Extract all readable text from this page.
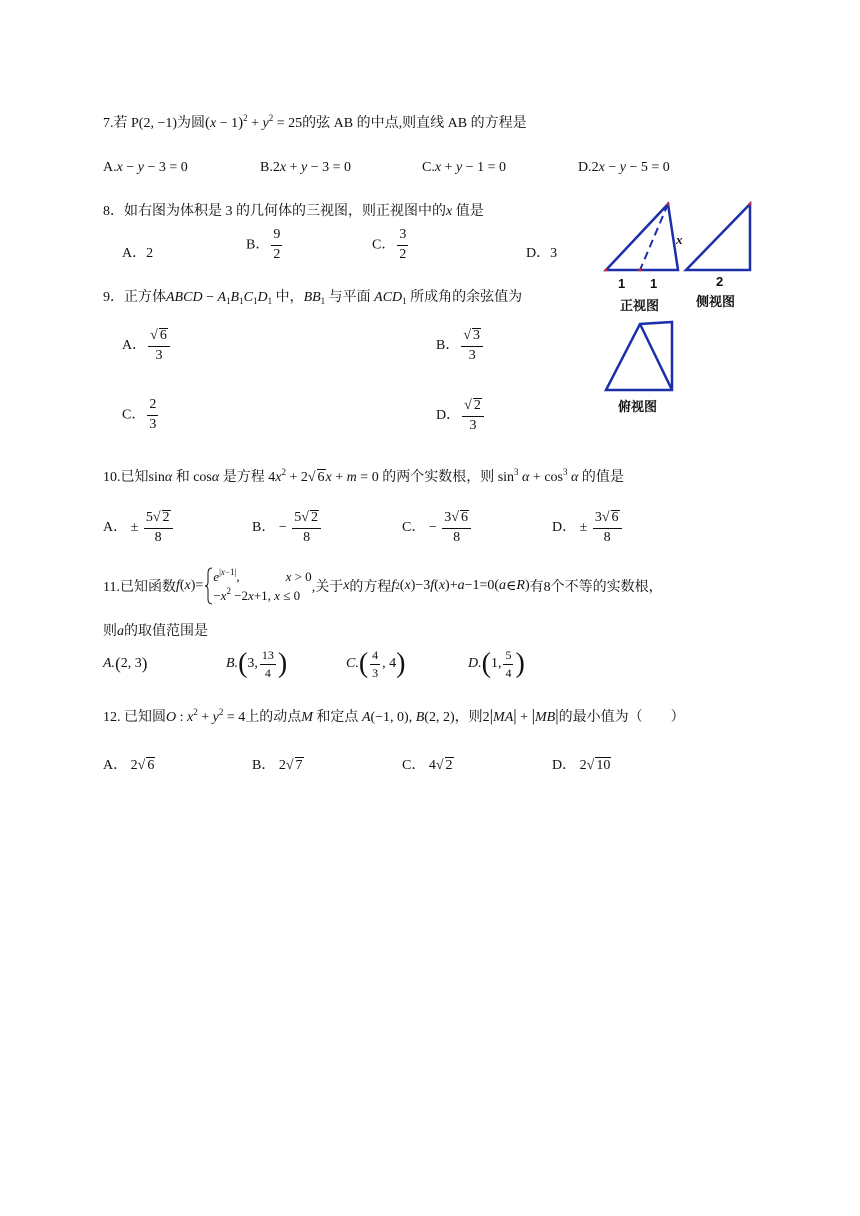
7.若 P(2, −1)为圆$(x - 1)^2 + y^2 = 25$的弦 AB 的中点,则直线 AB 的方程是
A.x − y − 3 = 0	B.2x + y − 3 = 0	C.x + y − 1 = 0	D.2x − y − 5 = 0
8．如右图为体积是 3 的几何体的三视图，则正视图中的x 值是
A．2
B． $\frac{9}{2}$	C． $\frac{3}{2}$	D．3
9．正方体ABCD − $A_1B_1C_1D_1$ 中，$BB_1$ 与平面 $ACD_1$ 所成角的余弦值为
A． $\frac{√ 6}{3}$	B． $\frac{√ 3}{3}$
C． $\frac{2}{3}$	D． $\frac{√ 2}{3}$
10.已知sinα 和 cosα 是方程 $4x^2 + 2√$ 6x + m = 0 的两个实数根，则 $\sin^3 \alpha + \cos^3 \alpha$ 的值是
A． ± $\frac{5√ 2}{8}$	B． − $\frac{5√ 2}{8}$	C． − $\frac{3√ 6}{8}$	D． ± $\frac{3√ 6}{8}$
11.已知函数 f ( x )=
$e^{|x-1|}$,	x > 0
$-x^2 -2x+1$, x ≤ 0
,关于 x 的方程 f 2 ( x )−3 f ( x )+ a −1=0( a ∈ R ) 有8个不等的实数根，
则a的取值范围是
A. ( 2, 3 )	B. ( 3, $\frac{13}{4}$ )	C. ( $\frac{4}{3}$ , 4 )	D. ( 1, $\frac{5}{4}$ )
12. 已知圆O : $x^2 + y^2 = 4$上的动点M 和定点 A(−1, 0), B(2, 2)，则2|MA| + |MB|的最小值为（　　）
A． 2√ 6	B． 2√ 7	C． 4√ 2	D． 2√ 10
x
1 1	2
正视图	侧视图
俯视图
